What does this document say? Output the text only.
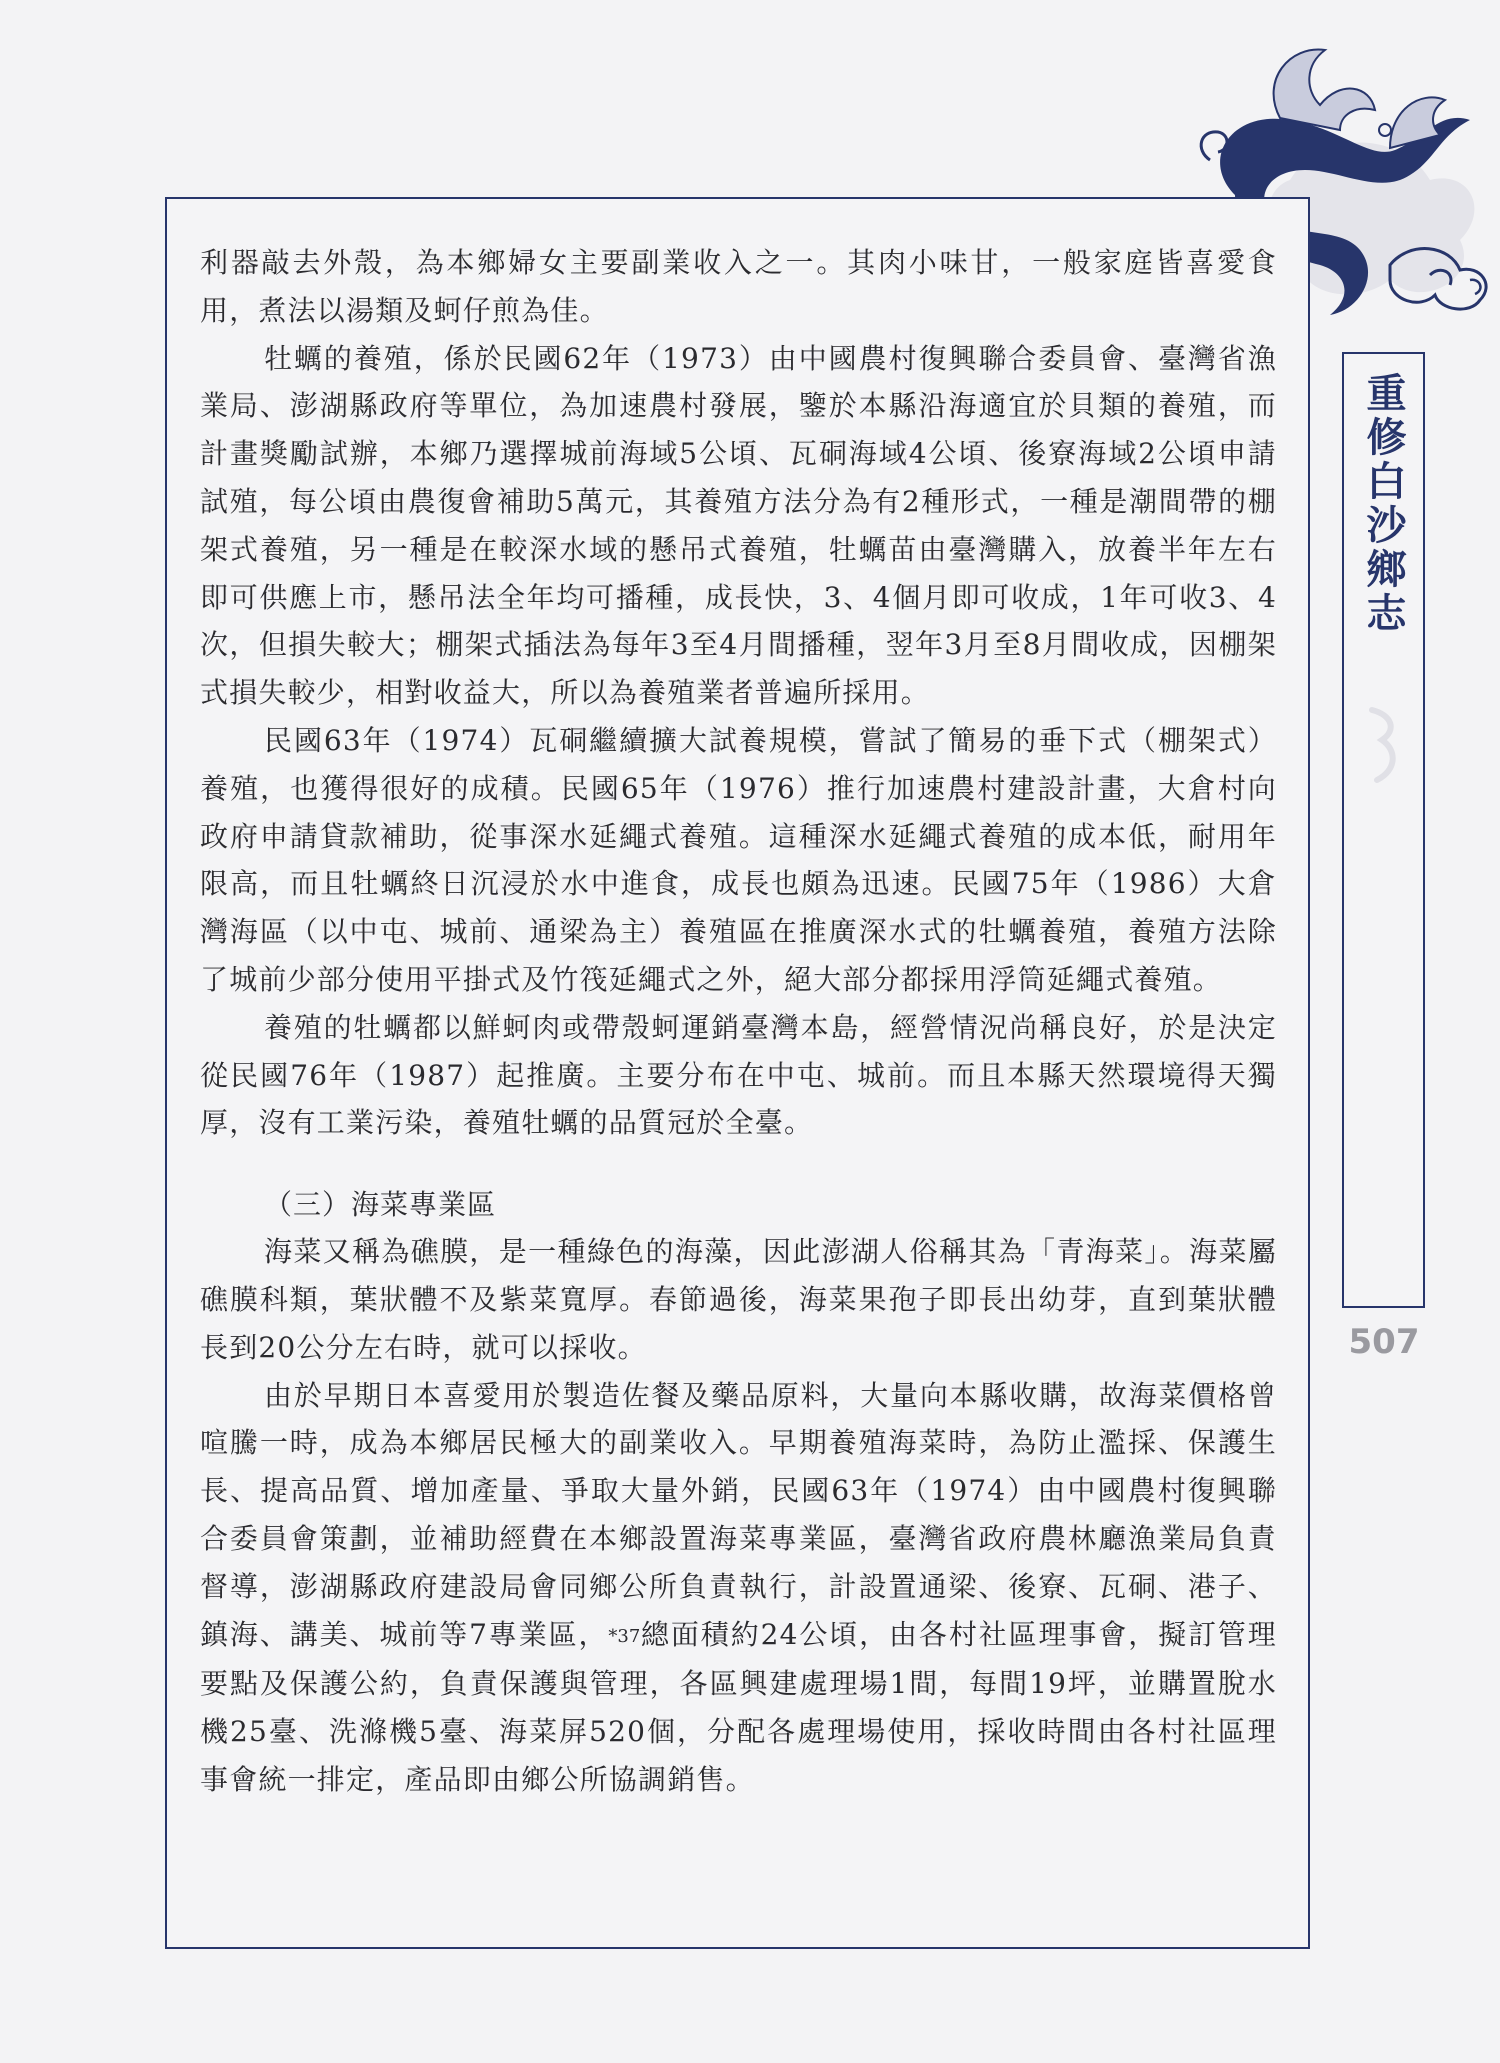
利器敲去外殼，為本鄉婦女主要副業收入之一。其肉小味甘，一般家庭皆喜愛食用，煮法以湯類及蚵仔煎為佳。

牡蠣的養殖，係於民國62年（1973）由中國農村復興聯合委員會、臺灣省漁業局、澎湖縣政府等單位，為加速農村發展，鑒於本縣沿海適宜於貝類的養殖，而計畫獎勵試辦，本鄉乃選擇城前海域5公頃、瓦硐海域4公頃、後寮海域2公頃申請試殖，每公頃由農復會補助5萬元，其養殖方法分為有2種形式，一種是潮間帶的棚架式養殖，另一種是在較深水域的懸吊式養殖，牡蠣苗由臺灣購入，放養半年左右即可供應上市，懸吊法全年均可播種，成長快，3、4個月即可收成，1年可收3、4次，但損失較大；棚架式插法為每年3至4月間播種，翌年3月至8月間收成，因棚架式損失較少，相對收益大，所以為養殖業者普遍所採用。

民國63年（1974）瓦硐繼續擴大試養規模，嘗試了簡易的垂下式（棚架式）養殖，也獲得很好的成積。民國65年（1976）推行加速農村建設計畫，大倉村向政府申請貸款補助，從事深水延繩式養殖。這種深水延繩式養殖的成本低，耐用年限高，而且牡蠣終日沉浸於水中進食，成長也頗為迅速。民國75年（1986）大倉灣海區（以中屯、城前、通梁為主）養殖區在推廣深水式的牡蠣養殖，養殖方法除了城前少部分使用平掛式及竹筏延繩式之外，絕大部分都採用浮筒延繩式養殖。

養殖的牡蠣都以鮮蚵肉或帶殼蚵運銷臺灣本島，經營情況尚稱良好，於是決定從民國76年（1987）起推廣。主要分布在中屯、城前。而且本縣天然環境得天獨厚，沒有工業污染，養殖牡蠣的品質冠於全臺。

（三）海菜專業區

海菜又稱為礁膜，是一種綠色的海藻，因此澎湖人俗稱其為「青海菜」。海菜屬礁膜科類，葉狀體不及紫菜寬厚。春節過後，海菜果孢子即長出幼芽，直到葉狀體長到20公分左右時，就可以採收。

由於早期日本喜愛用於製造佐餐及藥品原料，大量向本縣收購，故海菜價格曾喧騰一時，成為本鄉居民極大的副業收入。早期養殖海菜時，為防止濫採、保護生長、提高品質、增加產量、爭取大量外銷，民國63年（1974）由中國農村復興聯合委員會策劃，並補助經費在本鄉設置海菜專業區，臺灣省政府農林廳漁業局負責督導，澎湖縣政府建設局會同鄉公所負責執行，計設置通梁、後寮、瓦硐、港子、鎮海、講美、城前等7專業區，*37總面積約24公頃，由各村社區理事會，擬訂管理要點及保護公約，負責保護與管理，各區興建處理場1間，每間19坪，並購置脫水機25臺、洗滌機5臺、海菜屏520個，分配各處理場使用，採收時間由各村社區理事會統一排定，產品即由鄉公所協調銷售。

重修白沙鄉志
507
